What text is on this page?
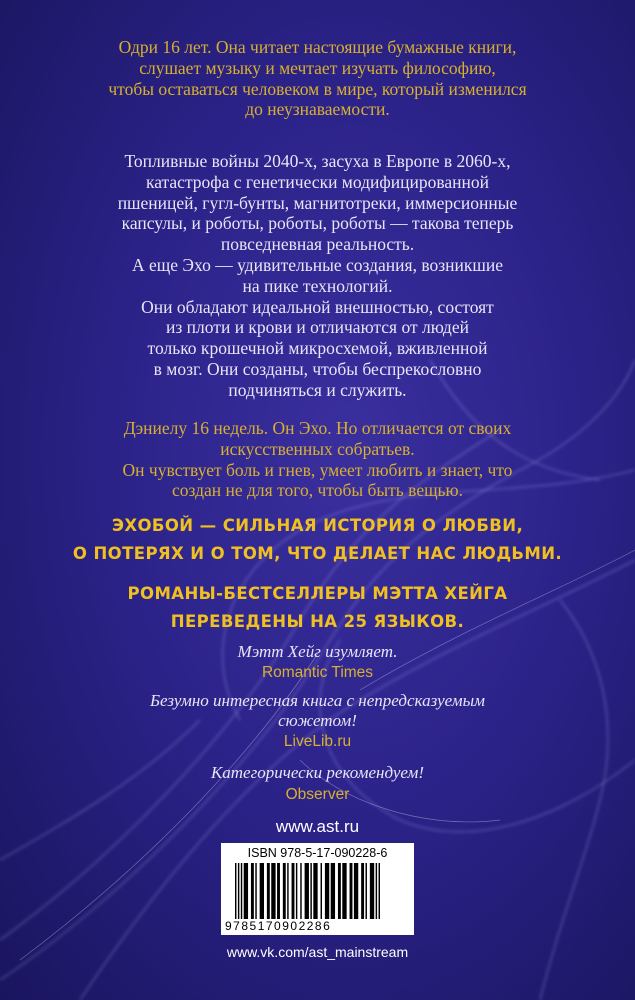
Одри 16 лет. Она читает настоящие бумажные книги,
слушает музыку и мечтает изучать философию,
чтобы оставаться человеком в мире, который изменился
до неузнаваемости.
Топливные войны 2040-х, засуха в Европе в 2060-х,
катастрофа с генетически модифицированной
пшеницей, гугл-бунты, магнитотреки, иммерсионные
капсулы, и роботы, роботы, роботы — такова теперь
повседневная реальность.
А еще Эхо — удивительные создания, возникшие
на пике технологий.
Они обладают идеальной внешностью, состоят
из плоти и крови и отличаются от людей
только крошечной микросхемой, вживленной
в мозг. Они созданы, чтобы беспрекословно
подчиняться и служить.
Дэниелу 16 недель. Он Эхо. Но отличается от своих
искусственных собратьев.
Он чувствует боль и гнев, умеет любить и знает, что
создан не для того, чтобы быть вещью.
ЭХОБОЙ — СИЛЬНАЯ ИСТОРИЯ О ЛЮБВИ,
О ПОТЕРЯХ И О ТОМ, ЧТО ДЕЛАЕТ НАС ЛЮДЬМИ.
РОМАНЫ-БЕСТСЕЛЛЕРЫ МЭТТА ХЕЙГА
ПЕРЕВЕДЕНЫ НА 25 ЯЗЫКОВ.
Мэтт Хейг изумляет.
Romantic Times
Безумно интересная книга с непредсказуемым
сюжетом!
LiveLib.ru
Категорически рекомендуем!
Observer
www.ast.ru
ISBN 978-5-17-090228-6
9785170902286
www.vk.com/ast_mainstream
